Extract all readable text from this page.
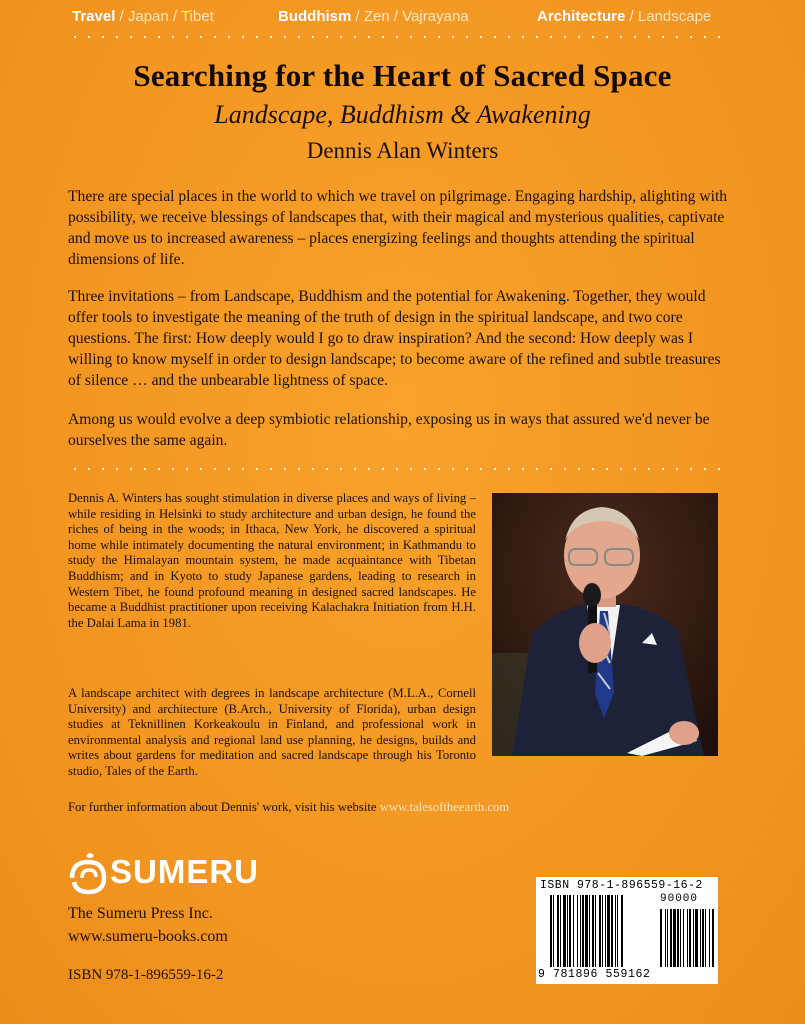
Travel / Japan / Tibet	Buddhism / Zen / Vajrayana	Architecture / Landscape
Searching for the Heart of Sacred Space
Landscape, Buddhism & Awakening
Dennis Alan Winters

There are special places in the world to which we travel on pilgrimage. Engaging hardship, alighting with possibility, we receive blessings of landscapes that, with their magical and mysterious qualities, captivate and move us to increased awareness – places energizing feelings and thoughts attending the spiritual dimensions of life.

Three invitations – from Landscape, Buddhism and the potential for Awakening. Together, they would offer tools to investigate the meaning of the truth of design in the spiritual landscape, and two core questions. The first: How deeply would I go to draw inspiration? And the second: How deeply was I willing to know myself in order to design landscape; to become aware of the refined and subtle treasures of silence … and the unbearable lightness of space.

Among us would evolve a deep symbiotic relationship, exposing us in ways that assured we'd never be ourselves the same again.

Dennis A. Winters has sought stimulation in diverse places and ways of living – while residing in Helsinki to study architecture and urban design, he found the riches of being in the woods; in Ithaca, New York, he discovered a spiritual home while intimately documenting the natural environment; in Kathmandu to study the Himalayan mountain system, he made acquaintance with Tibetan Buddhism; and in Kyoto to study Japanese gardens, leading to research in Western Tibet, he found profound meaning in designed sacred landscapes. He became a Buddhist practitioner upon receiving Kalachakra Initiation from H.H. the Dalai Lama in 1981.

A landscape architect with degrees in landscape architecture (M.L.A., Cornell University) and architecture (B.Arch., University of Florida), urban design studies at Teknillinen Korkeakoulu in Finland, and professional work in environmental analysis and regional land use planning, he designs, builds and writes about gardens for meditation and sacred landscape through his Toronto studio, Tales of the Earth.

For further information about Dennis' work, visit his website www.talesoftheearth.com
SUMERU
The Sumeru Press Inc.
www.sumeru-books.com
ISBN 978-1-896559-16-2
ISBN 978-1-896559-16-2
90000
9 781896 559162
